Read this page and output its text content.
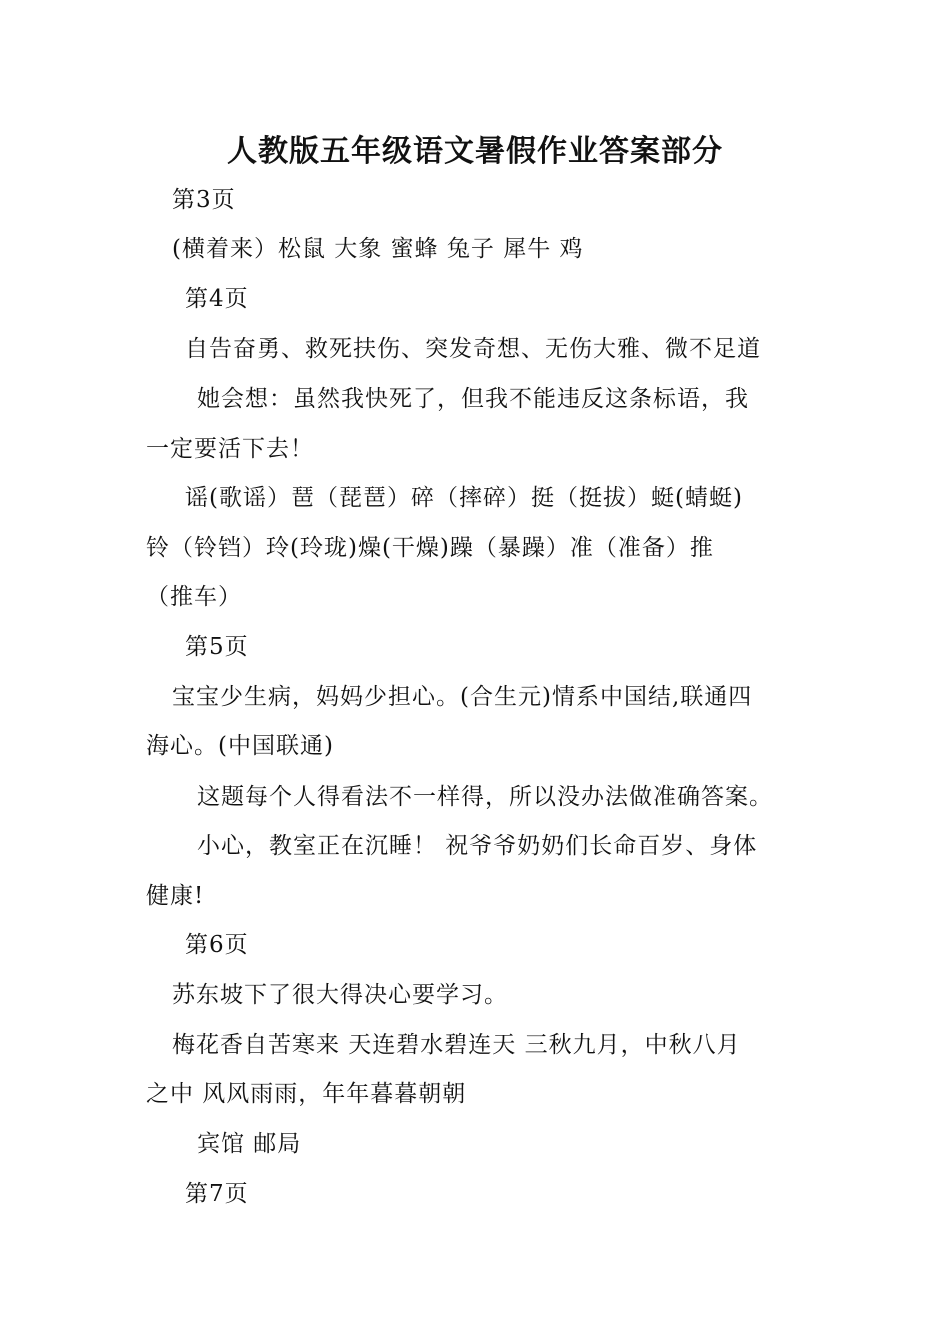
人教版五年级语文暑假作业答案部分
第3页
(横着来）松鼠 大象 蜜蜂 兔子 犀牛 鸡
第4页
自告奋勇、救死扶伤、突发奇想、无伤大雅、微不足道
她会想：虽然我快死了，但我不能违反这条标语，我
一定要活下去！
谣(歌谣）琶（琵琶）碎（摔碎）挺（挺拔）蜓(蜻蜓)
铃（铃铛）玲(玲珑)燥(干燥)躁（暴躁）准（准备）推
（推车）
第5页
宝宝少生病，妈妈少担心。(合生元)情系中国结,联通四
海心。(中国联通)
这题每个人得看法不一样得，所以没办法做准确答案。
小心，教室正在沉睡！ 祝爷爷奶奶们长命百岁、身体
健康!
第6页
苏东坡下了很大得决心要学习。
梅花香自苦寒来 天连碧水碧连天 三秋九月，中秋八月
之中 风风雨雨，年年暮暮朝朝
宾馆 邮局
第7页
